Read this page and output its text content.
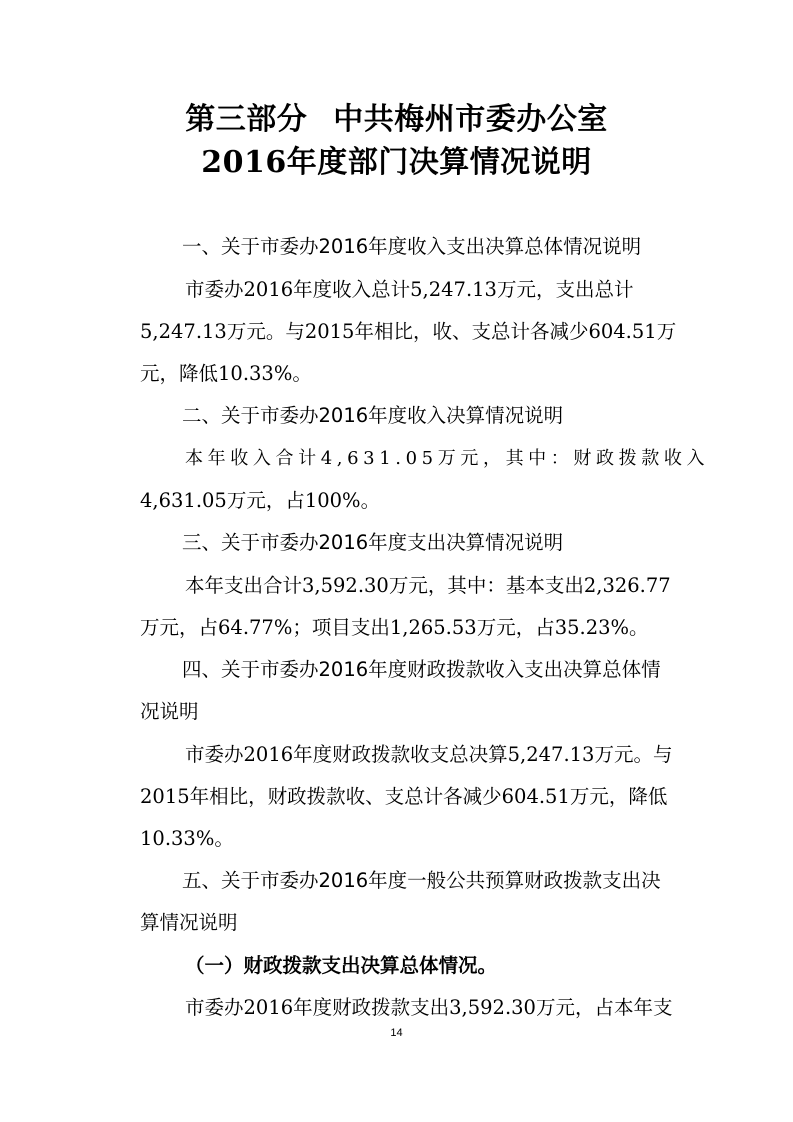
第三部分 中共梅州市委办公室
2016年度部门决算情况说明
一、关于市委办2016年度收入支出决算总体情况说明
市委办2016年度收入总计5,247.13万元，支出总计
5,247.13万元。与2015年相比，收、支总计各减少604.51万
元，降低10.33%。
二、关于市委办2016年度收入决算情况说明
本年收入合计4,631.05万元，其中：财政拨款收入
4,631.05万元，占100%。
三、关于市委办2016年度支出决算情况说明
本年支出合计3,592.30万元，其中：基本支出2,326.77
万元，占64.77%；项目支出1,265.53万元，占35.23%。
四、关于市委办2016年度财政拨款收入支出决算总体情
况说明
市委办2016年度财政拨款收支总决算5,247.13万元。与
2015年相比，财政拨款收、支总计各减少604.51万元，降低
10.33%。
五、关于市委办2016年度一般公共预算财政拨款支出决
算情况说明
（一）财政拨款支出决算总体情况。
市委办2016年度财政拨款支出3,592.30万元，占本年支
14
